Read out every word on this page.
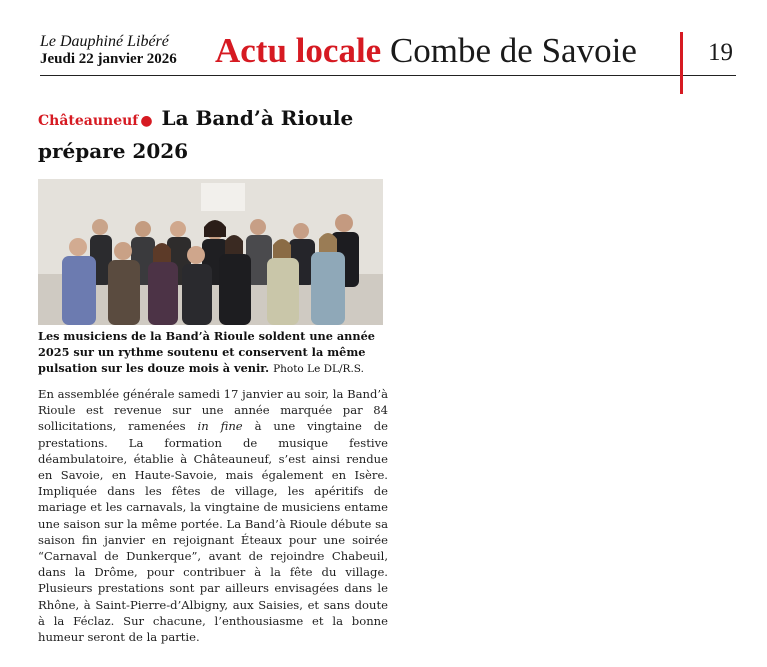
Le Dauphiné Libéré
Jeudi 22 janvier 2026 Actu locale Combe de Savoie	19
Châteauneuf ● La Band’à Rioule prépare 2026
Les musiciens de la Band’à Rioule soldent une année 2025 sur un rythme soutenu et conservent la même pulsation sur les douze mois à venir. Photo Le DL/R.S.
En assemblée générale samedi 17 janvier au soir, la Band’à Rioule est revenue sur une année marquée par 84 sollicitations, ramenées in fine à une vingtaine de prestations. La formation de musique festive déambulatoire, établie à Châteauneuf, s’est ainsi rendue en Savoie, en Haute-Savoie, mais également en Isère. Impliquée dans les fêtes de village, les apéritifs de mariage et les carnavals, la vingtaine de musiciens entame une saison sur la même portée. La Band’à Rioule débute sa saison fin janvier en rejoignant Éteaux pour une soirée “Carnaval de Dunkerque”, avant de rejoindre Chabeuil, dans la Drôme, pour contribuer à la fête du village. Plusieurs prestations sont par ailleurs envisagées dans le Rhône, à Saint-Pierre-d’Albigny, aux Saisies, et sans doute à la Féclaz. Sur chacune, l’enthousiasme et la bonne humeur seront de la partie.
